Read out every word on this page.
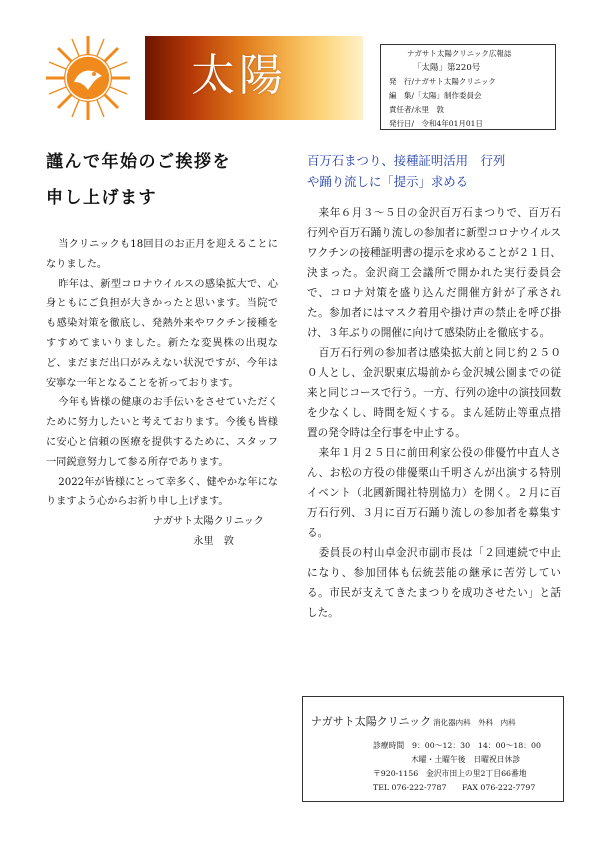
太陽	ナガサト太陽クリニック広報誌
「太陽」第220号
発　行/ナガサト太陽クリニック
編　集/「太陽」制作委員会
責任者/永里　敦
発行日/　令和4年01月01日
謹んで年始のご挨拶を
申し上げます

当クリニックも18回目のお正月を迎えることになりました。

昨年は、新型コロナウイルスの感染拡大で、心身ともにご負担が大きかったと思います。当院でも感染対策を徹底し、発熱外来やワクチン接種をすすめてまいりました。新たな変異株の出現など、まだまだ出口がみえない状況ですが、今年は安寧な一年となることを祈っております。

今年も皆様の健康のお手伝いをさせていただくために努力したいと考えております。今後も皆様に安心と信頼の医療を提供するために、スタッフ一同鋭意努力して参る所存であります。

2022年が皆様にとって幸多く、健やかな年になりますよう心からお祈り申し上げます。

ナガサト太陽クリニック

永里　敦

百万石まつり、接種証明活用　行列
や踊り流しに「提示」求める

来年６月３〜５日の金沢百万石まつりで、百万石行列や百万石踊り流しの参加者に新型コロナウイルスワクチンの接種証明書の提示を求めることが２１日、決まった。金沢商工会議所で開かれた実行委員会で、コロナ対策を盛り込んだ開催方針が了承された。参加者にはマスク着用や掛け声の禁止を呼び掛け、３年ぶりの開催に向けて感染防止を徹底する。

百万石行列の参加者は感染拡大前と同じ約２５００人とし、金沢駅東広場前から金沢城公園までの従来と同じコースで行う。一方、行列の途中の演技回数を少なくし、時間を短くする。まん延防止等重点措置の発令時は全行事を中止する。

来年１月２５日に前田利家公役の俳優竹中直人さん、お松の方役の俳優栗山千明さんが出演する特別イベント（北國新聞社特別協力）を開く。２月に百万石行列、３月に百万石踊り流しの参加者を募集する。

委員長の村山卓金沢市副市長は「２回連続で中止になり、参加団体も伝統芸能の継承に苦労している。市民が支えてきたまつりを成功させたい」と話した。

ナガサト太陽クリニック 消化器内科　外科　内科
診療時間　9：00〜12：30　14：00〜18：00
木曜・土曜午後　日曜祝日休診
〒920-1156　金沢市田上の里2丁目66番地
TEL 076-222-7787　　FAX 076-222-7797
